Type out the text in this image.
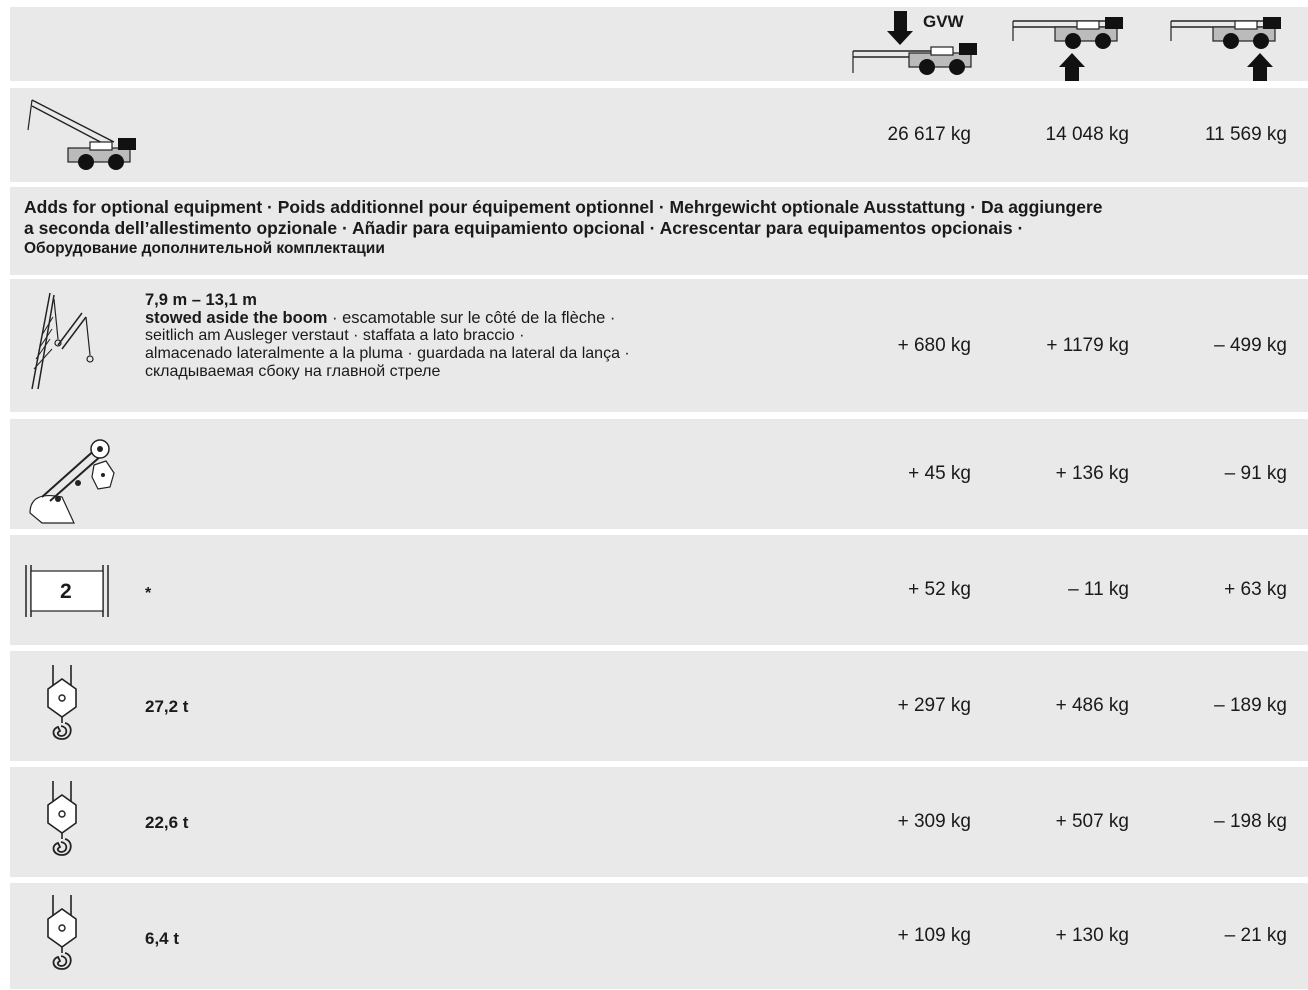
GVW
26 617 kg	14 048 kg	11 569 kg

Adds for optional equipment · Poids additionnel pour équipement optionnel · Mehrgewicht optionale Ausstattung · Da aggiungere

a seconda dell’allestimento opzionale · Añadir para equipamiento opcional · Acrescentar para equipamentos opcionais ·

Оборудование дополнительной комплектации

7,9 m – 13,1 m
stowed aside the boom · escamotable sur le côté de la flèche ·
seitlich am Ausleger verstaut · staffata a lato braccio ·
almacenado lateralmente a la pluma · guardada na lateral da lança ·
складываемая сбоку на главной стреле
+ 680 kg	+ 1179 kg	– 499 kg
+ 45 kg	+ 136 kg	– 91 kg
2	*	+ 52 kg	– 11 kg	+ 63 kg
27,2 t	+ 297 kg	+ 486 kg	– 189 kg
22,6 t	+ 309 kg	+ 507 kg	– 198 kg
6,4 t	+ 109 kg	+ 130 kg	– 21 kg
